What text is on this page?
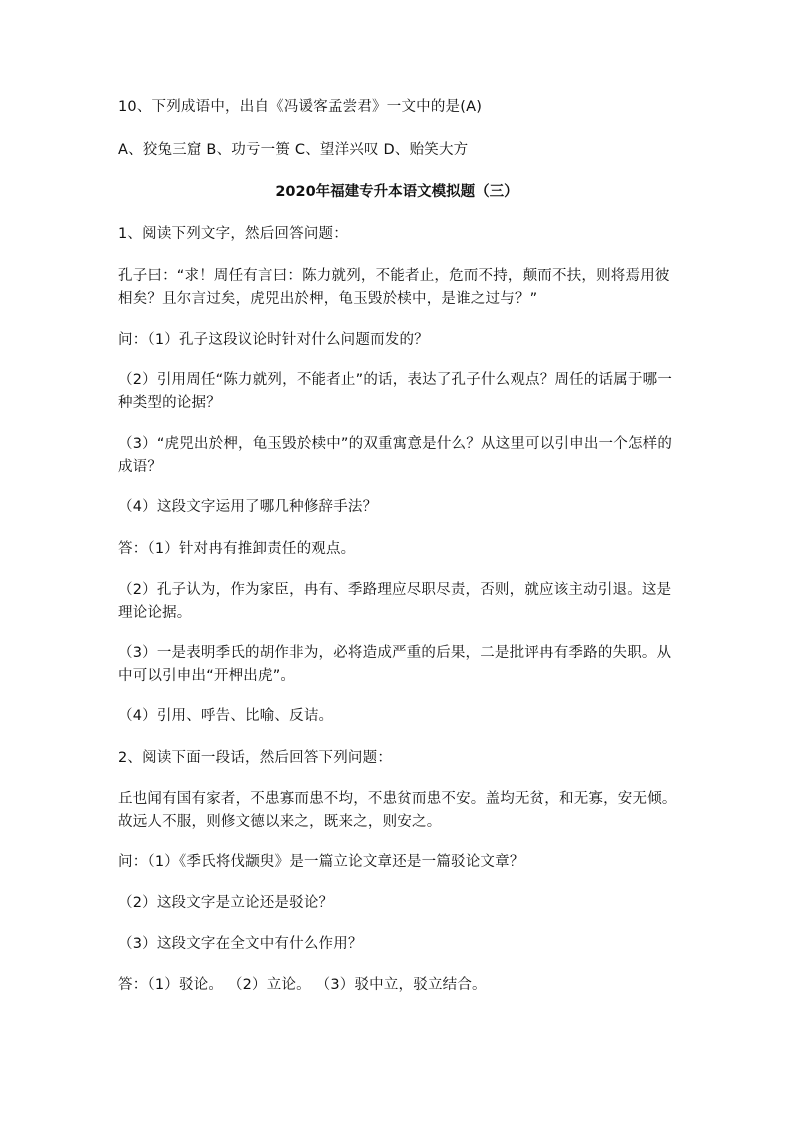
10、下列成语中，出自《冯谖客孟尝君》一文中的是(A)
A、狡兔三窟 B、功亏一篑 C、望洋兴叹 D、贻笑大方
2020年福建专升本语文模拟题（三）
1、阅读下列文字，然后回答问题：
孔子曰：“求！周任有言曰：陈力就列，不能者止，危而不持，颠而不扶，则将焉用彼相矣？且尔言过矣，虎兕出於柙，龟玉毁於椟中，是谁之过与？”
问：（1）孔子这段议论时针对什么问题而发的？
（2）引用周任“陈力就列，不能者止”的话，表达了孔子什么观点？周任的话属于哪一种类型的论据？
（3）“虎兕出於柙，龟玉毁於椟中”的双重寓意是什么？从这里可以引申出一个怎样的成语？
（4）这段文字运用了哪几种修辞手法？
答：（1）针对冉有推卸责任的观点。
（2）孔子认为，作为家臣，冉有、季路理应尽职尽责，否则，就应该主动引退。这是理论论据。
（3）一是表明季氏的胡作非为，必将造成严重的后果，二是批评冉有季路的失职。从中可以引申出“开柙出虎”。
（4）引用、呼告、比喻、反诘。
2、阅读下面一段话，然后回答下列问题：
丘也闻有国有家者，不患寡而患不均，不患贫而患不安。盖均无贫，和无寡，安无倾。故远人不服，则修文德以来之，既来之，则安之。
问：（1）《季氏将伐颛臾》是一篇立论文章还是一篇驳论文章？
（2）这段文字是立论还是驳论？
（3）这段文字在全文中有什么作用？
答：（1）驳论。 （2）立论。 （3）驳中立，驳立结合。
